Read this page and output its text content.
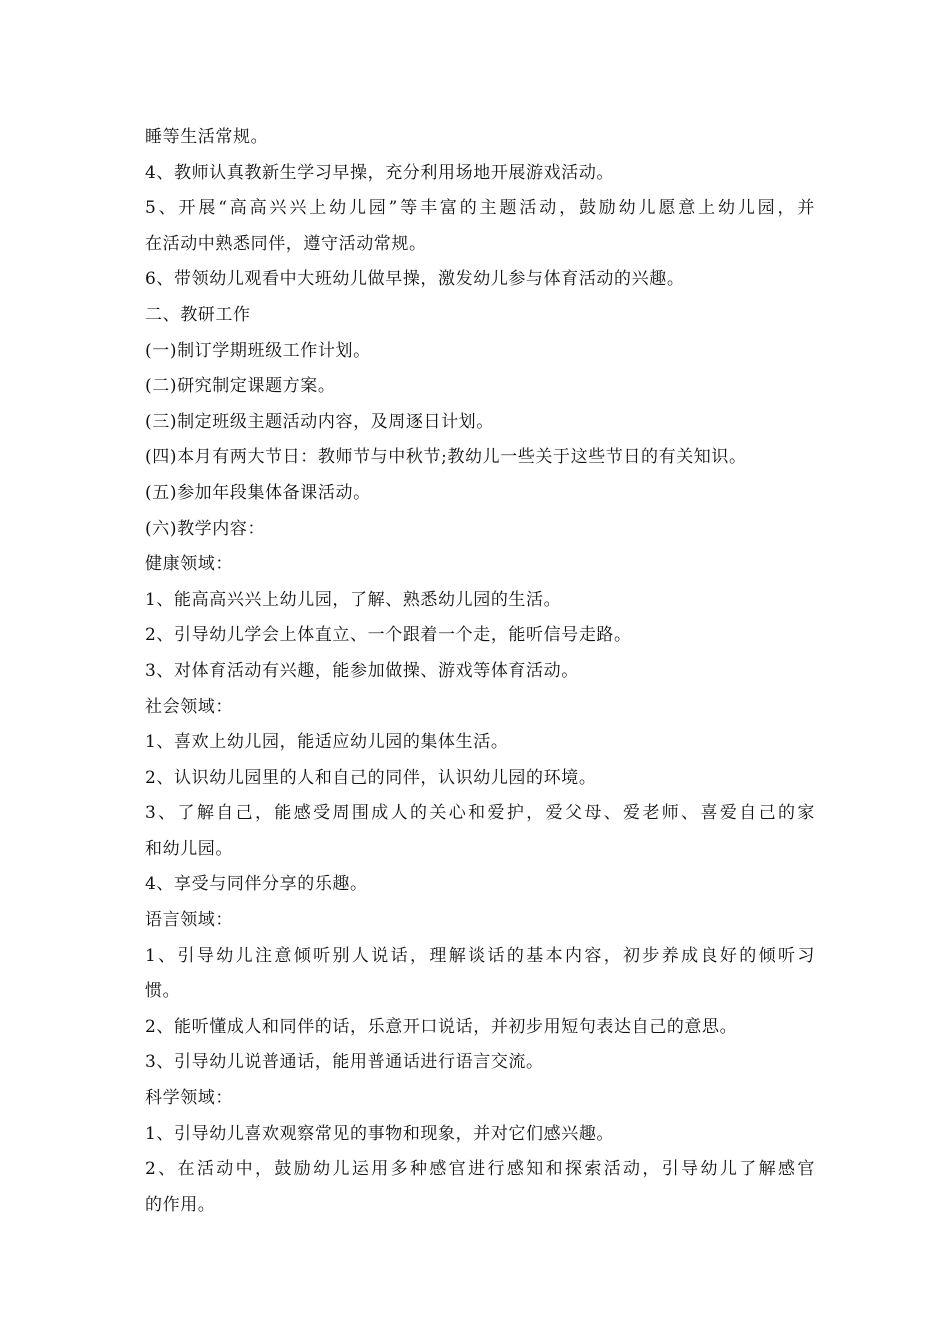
睡等生活常规。
4、教师认真教新生学习早操，充分利用场地开展游戏活动。
5、开展“高高兴兴上幼儿园”等丰富的主题活动，鼓励幼儿愿意上幼儿园，并
在活动中熟悉同伴，遵守活动常规。
6、带领幼儿观看中大班幼儿做早操，激发幼儿参与体育活动的兴趣。
二、教研工作
(一)制订学期班级工作计划。
(二)研究制定课题方案。
(三)制定班级主题活动内容，及周逐日计划。
(四)本月有两大节日：教师节与中秋节;教幼儿一些关于这些节日的有关知识。
(五)参加年段集体备课活动。
(六)教学内容：
健康领域：
1、能高高兴兴上幼儿园，了解、熟悉幼儿园的生活。
2、引导幼儿学会上体直立、一个跟着一个走，能听信号走路。
3、对体育活动有兴趣，能参加做操、游戏等体育活动。
社会领域：
1、喜欢上幼儿园，能适应幼儿园的集体生活。
2、认识幼儿园里的人和自己的同伴，认识幼儿园的环境。
3、了解自己，能感受周围成人的关心和爱护，爱父母、爱老师、喜爱自己的家
和幼儿园。
4、享受与同伴分享的乐趣。
语言领域：
1、引导幼儿注意倾听别人说话，理解谈话的基本内容，初步养成良好的倾听习
惯。
2、能听懂成人和同伴的话，乐意开口说话，并初步用短句表达自己的意思。
3、引导幼儿说普通话，能用普通话进行语言交流。
科学领域：
1、引导幼儿喜欢观察常见的事物和现象，并对它们感兴趣。
2、在活动中，鼓励幼儿运用多种感官进行感知和探索活动，引导幼儿了解感官
的作用。
